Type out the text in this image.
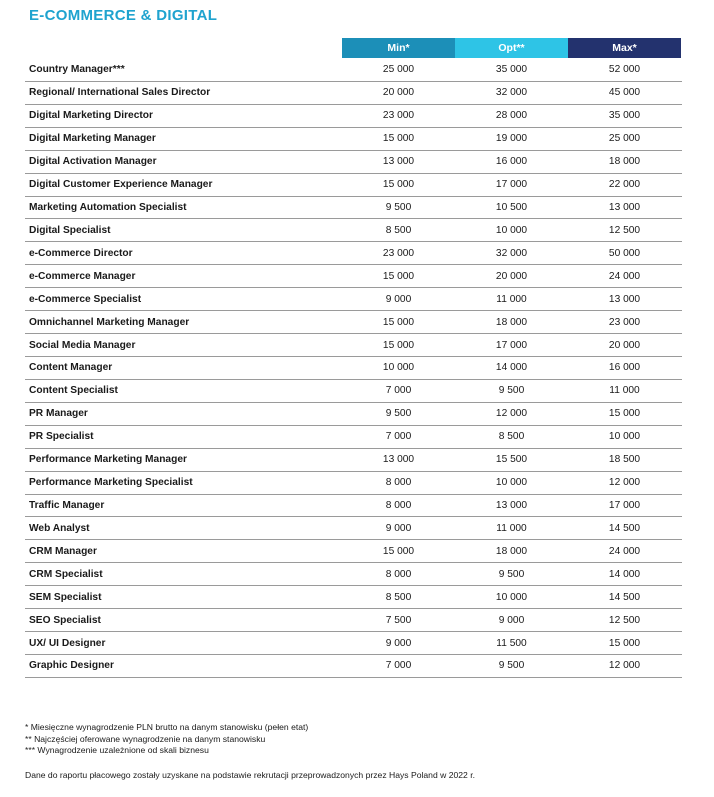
E-COMMERCE & DIGITAL
Min*	Opt**	Max*
Country Manager***	25 000	35 000	52 000
Regional/ International Sales Director	20 000	32 000	45 000
Digital Marketing Director	23 000	28 000	35 000
Digital Marketing Manager	15 000	19 000	25 000
Digital Activation Manager	13 000	16 000	18 000
Digital Customer Experience Manager	15 000	17 000	22 000
Marketing Automation Specialist	9 500	10 500	13 000
Digital Specialist	8 500	10 000	12 500
e-Commerce Director	23 000	32 000	50 000
e-Commerce Manager	15 000	20 000	24 000
e-Commerce Specialist	9 000	11 000	13 000
Omnichannel Marketing Manager	15 000	18 000	23 000
Social Media Manager	15 000	17 000	20 000
Content Manager	10 000	14 000	16 000
Content Specialist	7 000	9 500	11 000
PR Manager	9 500	12 000	15 000
PR Specialist	7 000	8 500	10 000
Performance Marketing Manager	13 000	15 500	18 500
Performance Marketing Specialist	8 000	10 000	12 000
Traffic Manager	8 000	13 000	17 000
Web Analyst	9 000	11 000	14 500
CRM Manager	15 000	18 000	24 000
CRM Specialist	8 000	9 500	14 000
SEM Specialist	8 500	10 000	14 500
SEO Specialist	7 500	9 000	12 500
UX/ UI Designer	9 000	11 500	15 000
Graphic Designer	7 000	9 500	12 000
* Miesięczne wynagrodzenie PLN brutto na danym stanowisku (pełen etat)
** Najczęściej oferowane wynagrodzenie na danym stanowisku
*** Wynagrodzenie uzależnione od skali biznesu
Dane do raportu płacowego zostały uzyskane na podstawie rekrutacji przeprowadzonych przez Hays Poland w 2022 r.
